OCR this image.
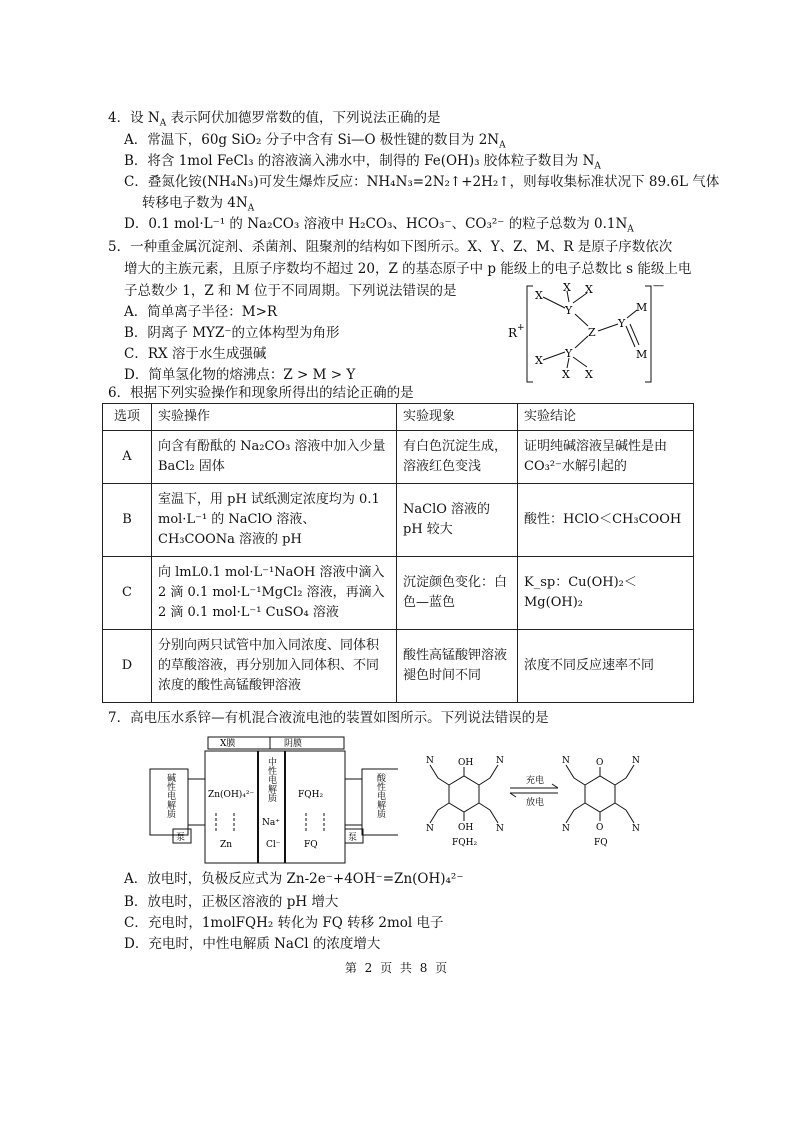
4．设 $N_A$ 表示阿伏加德罗常数的值，下列说法正确的是
A．常温下，60g SiO₂ 分子中含有 Si—O 极性键的数目为 $2N_A$
B．将含 1mol FeCl₃ 的溶液滴入沸水中，制得的 Fe(OH)₃ 胶体粒子数目为 $N_A$
C．叠氮化铵(NH₄N₃)可发生爆炸反应：NH₄N₃=2N₂↑+2H₂↑，则每收集标准状况下 89.6L 气体
转移电子数为 $4N_A$
D．0.1 mol·L⁻¹ 的 Na₂CO₃ 溶液中 H₂CO₃、HCO₃⁻、CO₃²⁻ 的粒子总数为 $0.1N_A$
5．一种重金属沉淀剂、杀菌剂、阻聚剂的结构如下图所示。X、Y、Z、M、R 是原子序数依次
增大的主族元素，且原子序数均不超过 20，Z 的基态原子中 p 能级上的电子总数比 s 能级上电
子总数少 1，Z 和 M 位于不同周期。下列说法错误的是
A．简单离子半径：M>R
B．阴离子 MYZ⁻的立体构型为角形
C．RX 溶于水生成强碱
D．简单氢化物的熔沸点：Z > M > Y
R +
—
X
X X
Y
Z
Y
M
M
Y
X
X X
6．根据下列实验操作和现象所得出的结论正确的是
选项	实验操作	实验现象	实验结论
A	向含有酚酞的 Na₂CO₃ 溶液中加入少量 BaCl₂ 固体	有白色沉淀生成，溶液红色变浅	证明纯碱溶液呈碱性是由 CO₃²⁻水解引起的
B	室温下，用 pH 试纸测定浓度均为 0.1 mol·L⁻¹ 的 NaClO 溶液、CH₃COONa 溶液的 pH	NaClO 溶液的 pH 较大	酸性：HClO＜CH₃COOH
C	向 lmL0.1 mol·L⁻¹NaOH 溶液中滴入 2 滴 0.1 mol·L⁻¹MgCl₂ 溶液，再滴入 2 滴 0.1 mol·L⁻¹ CuSO₄ 溶液	沉淀颜色变化：白色—蓝色	K_sp：Cu(OH)₂＜Mg(OH)₂
D	分别向两只试管中加入同浓度、同体积的草酸溶液，再分别加入同体积、不同浓度的酸性高锰酸钾溶液	酸性高锰酸钾溶液褪色时间不同	浓度不同反应速率不同
7．高电压水系锌—有机混合液流电池的装置如图所示。下列说法错误的是
X膜	阴膜
碱性电解质	酸性电解质
中性电解质
Na⁺
Cl⁻
Zn(OH)₄²⁻
Zn
FQH₂
FQ
泵	泵
OH
OH
N	N
N	N
O
O
N	N
N	N
充电
放电
FQH₂	FQ
A．放电时，负极反应式为 Zn-2e⁻+4OH⁻=Zn(OH)₄²⁻
B．放电时，正极区溶液的 pH 增大
C．充电时，1molFQH₂ 转化为 FQ 转移 2mol 电子
D．充电时，中性电解质 NaCl 的浓度增大
第 2 页 共 8 页
